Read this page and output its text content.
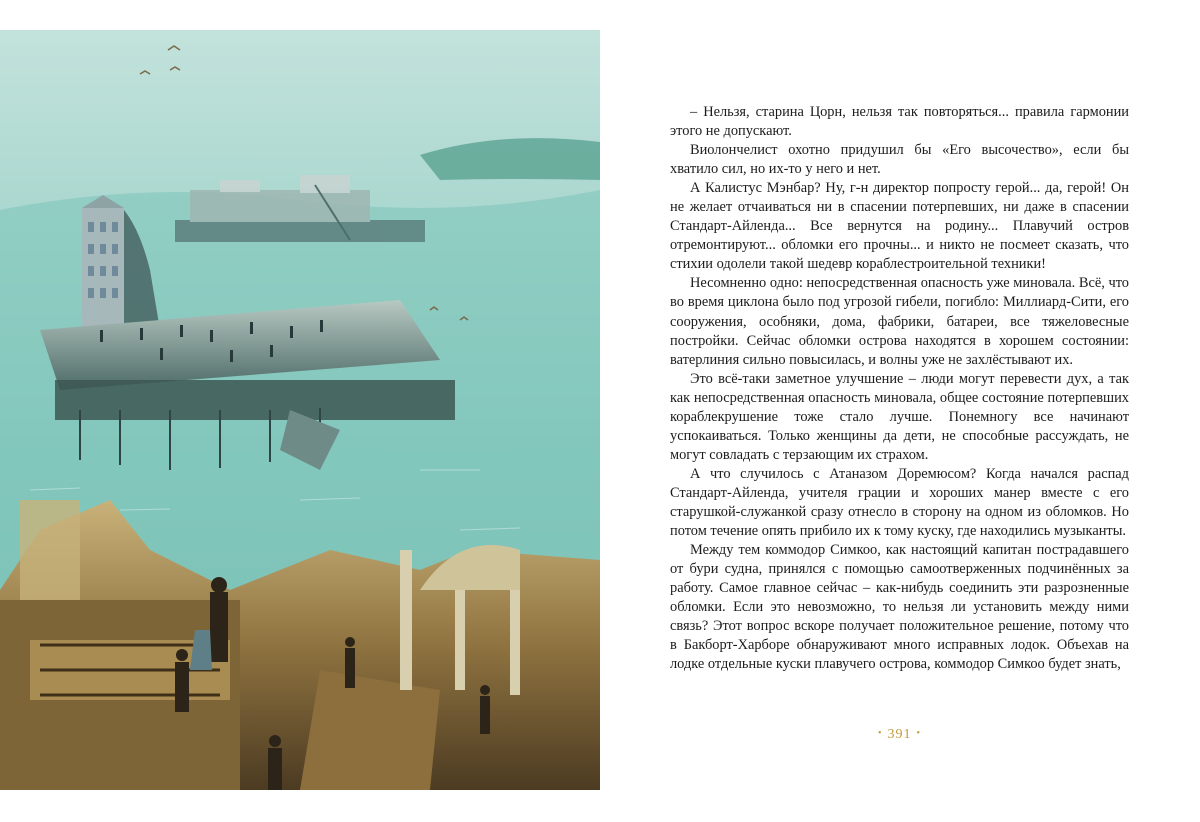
– Нельзя, старина Цорн, нельзя так повторяться... правила гармонии этого не допускают.

Виолончелист охотно придушил бы «Его высочество», если бы хватило сил, но их-то у него и нет.

А Калистус Мэнбар? Ну, г-н директор попросту герой... да, герой! Он не желает отчаиваться ни в спасении потерпевших, ни даже в спасении Стандарт-Айленда... Все вернутся на родину... Плавучий остров отремонтируют... обломки его прочны... и никто не посмеет сказать, что стихии одолели такой шедевр кораблестроительной техники!

Несомненно одно: непосредственная опасность уже миновала. Всё, что во время циклона было под угрозой гибели, погибло: Миллиард-Сити, его сооружения, особняки, дома, фабрики, батареи, все тяжеловесные постройки. Сейчас обломки острова находятся в хорошем состоянии: ватерлиния сильно повысилась, и волны уже не захлёстывают их.

Это всё-таки заметное улучшение – люди могут перевести дух, а так как непосредственная опасность миновала, общее состояние потерпевших кораблекрушение тоже стало лучше. Понемногу все начинают успокаиваться. Только женщины да дети, не способные рассуждать, не могут совладать с терзающим их страхом.

А что случилось с Атаназом Доремюсом? Когда начался распад Стандарт-Айленда, учителя грации и хороших манер вместе с его старушкой-служанкой сразу отнесло в сторону на одном из обломков. Но потом течение опять прибило их к тому куску, где находились музыканты.

Между тем коммодор Симкоо, как настоящий капитан пострадавшего от бури судна, принялся с помощью самоотверженных подчинённых за работу. Самое главное сейчас – как-нибудь соединить эти разрозненные обломки. Если это невозможно, то нельзя ли установить между ними связь? Этот вопрос вскоре получает положительное решение, потому что в Бакборт-Харборе обнаруживают много исправных лодок. Объехав на лодке отдельные куски плавучего острова, коммодор Симкоо будет знать,

• 391 •
